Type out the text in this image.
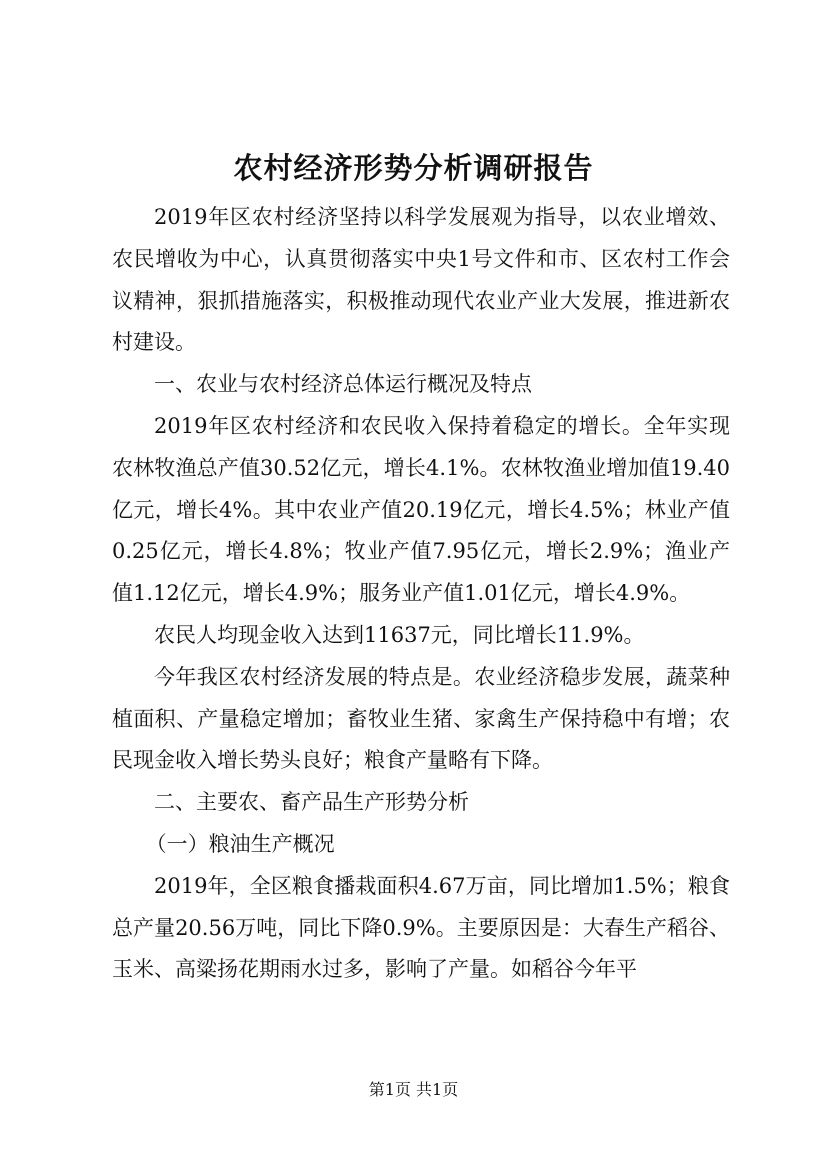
农村经济形势分析调研报告

2019年区农村经济坚持以科学发展观为指导，以农业增效、农民增收为中心，认真贯彻落实中央1号文件和市、区农村工作会议精神，狠抓措施落实，积极推动现代农业产业大发展，推进新农村建设。

一、农业与农村经济总体运行概况及特点

2019年区农村经济和农民收入保持着稳定的增长。全年实现农林牧渔总产值30.52亿元，增长4.1%。农林牧渔业增加值19.40亿元，增长4%。其中农业产值20.19亿元，增长4.5%；林业产值0.25亿元，增长4.8%；牧业产值7.95亿元，增长2.9%；渔业产值1.12亿元，增长4.9%；服务业产值1.01亿元，增长4.9%。

农民人均现金收入达到11637元，同比增长11.9%。

今年我区农村经济发展的特点是。农业经济稳步发展，蔬菜种植面积、产量稳定增加；畜牧业生猪、家禽生产保持稳中有增；农民现金收入增长势头良好；粮食产量略有下降。

二、主要农、畜产品生产形势分析

（一）粮油生产概况

2019年，全区粮食播栽面积4.67万亩，同比增加1.5%；粮食总产量20.56万吨，同比下降0.9%。主要原因是：大春生产稻谷、玉米、高粱扬花期雨水过多，影响了产量。如稻谷今年平

第1页 共1页
